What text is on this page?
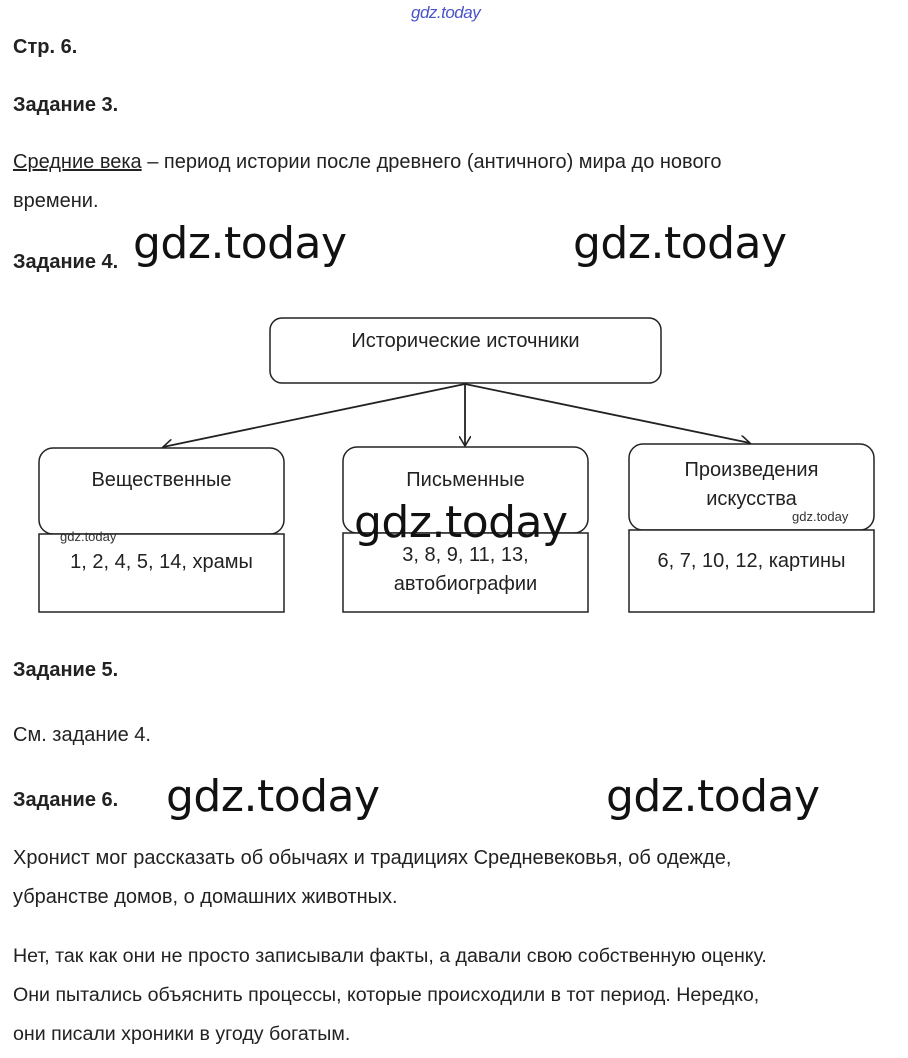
gdz.today
Стр. 6.
Задание 3.
Средние века – период истории после древнего (античного) мира до нового
времени.
Задание 4. gdz.today	gdz.today
Исторические источники
Вещественные	Письменные	Произведения
искусства
1, 2, 4, 5, 14, храмы	3, 8, 9, 11, 13,
автобиографии
6, 7, 10, 12, картины
gdz.today
gdz.today
gdz.today
Задание 5.
См. задание 4.
Задание 6. gdz.today	gdz.today
Хронист мог рассказать об обычаях и традициях Средневековья, об одежде,
убранстве домов, о домашних животных.
Нет, так как они не просто записывали факты, а давали свою собственную оценку.
Они пытались объяснить процессы, которые происходили в тот период. Нередко,
они писали хроники в угоду богатым.
